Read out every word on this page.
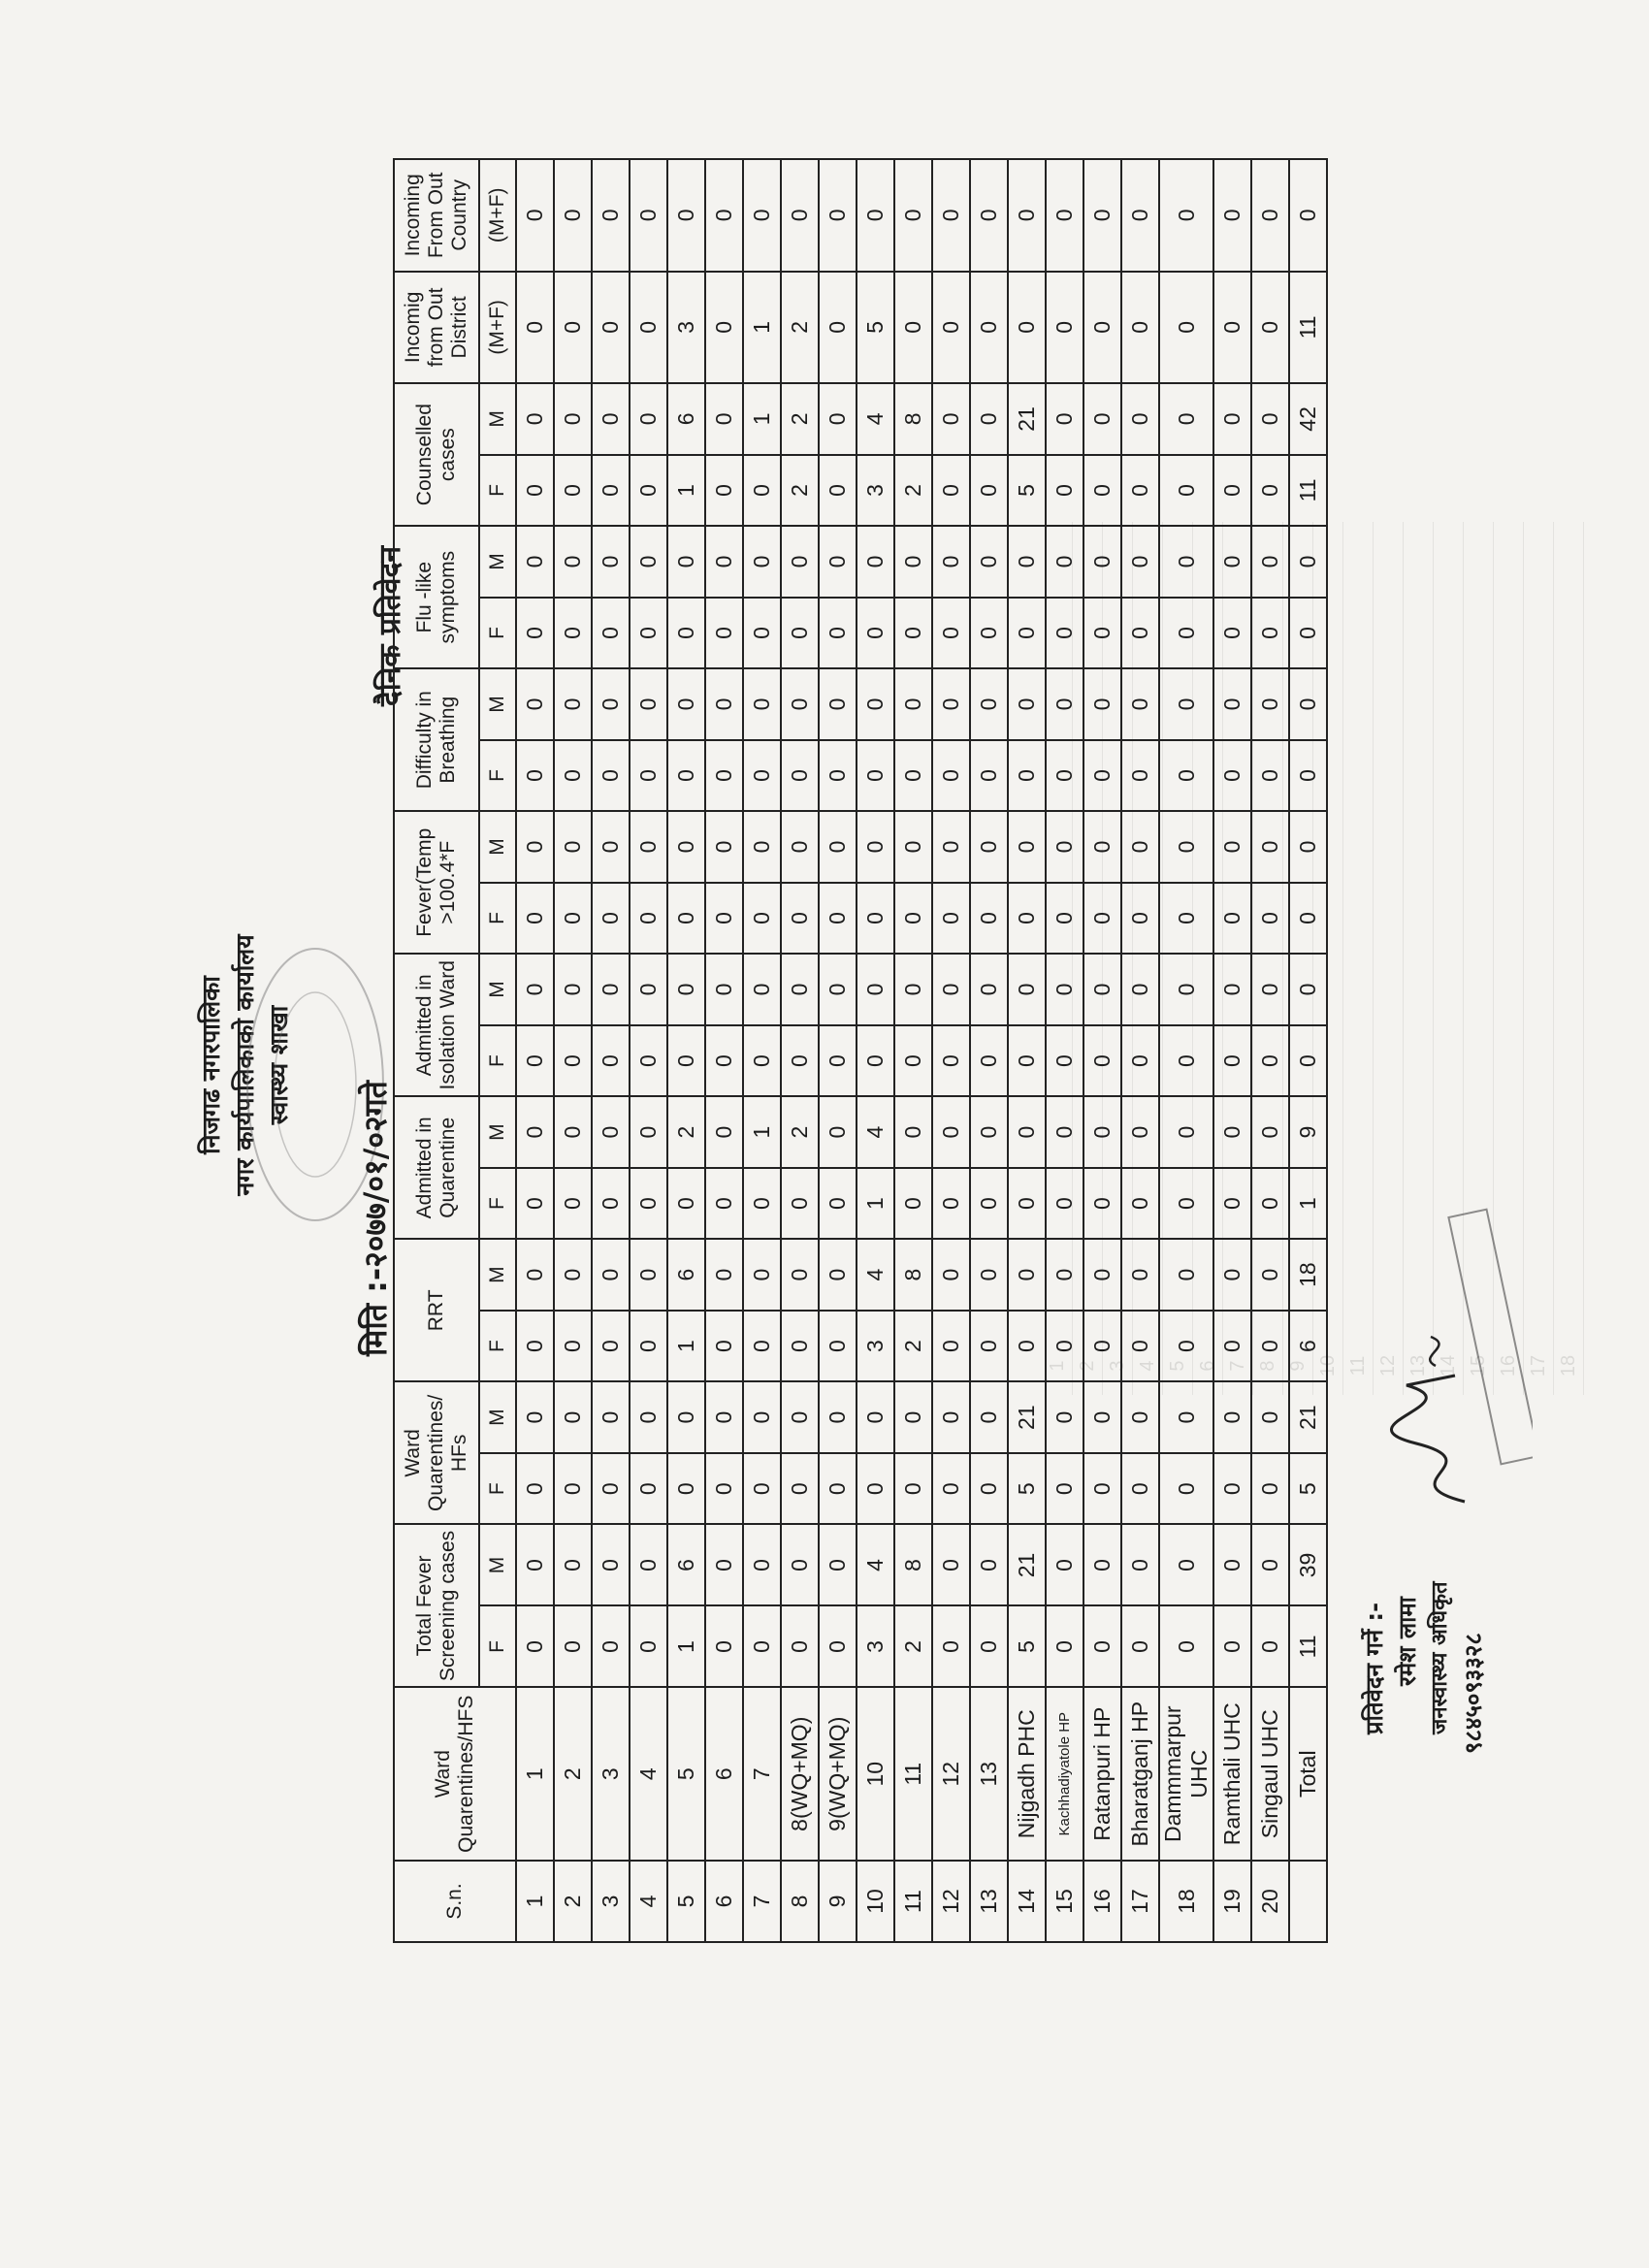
निजगढ नगरपालिका नगर कार्यपालिकाको कार्यालय स्वास्थ्य शाखा
दैनिक प्रतिवेदन
मिति :-२०७७/०१/०२गते
1 2 3 4 5 6 7 8 9 10 11 12 13 14 15 16 17 18
S.n.	Ward Quarentines/HFS	Total Fever Screening cases		Ward Quarentines/ HFs		RRT		Admitted in Quarentine		Admitted in Isolation Ward		Fever(Temp >100.4*F		Difficulty in Breathing		Flu -like symptoms		Counselled cases		Incomig from Out District	Incoming From Out Country
		F	M	F	M	F	M	F	M	F	M	F	M	F	M	F	M	F	M	(M+F)	(M+F)
1	1	0	0	0	0	0	0	0	0	0	0	0	0	0	0	0	0	0	0	0	0
2	2	0	0	0	0	0	0	0	0	0	0	0	0	0	0	0	0	0	0	0	0
3	3	0	0	0	0	0	0	0	0	0	0	0	0	0	0	0	0	0	0	0	0
4	4	0	0	0	0	0	0	0	0	0	0	0	0	0	0	0	0	0	0	0	0
5	5	1	6	0	0	1	6	0	2	0	0	0	0	0	0	0	0	1	6	3	0
6	6	0	0	0	0	0	0	0	0	0	0	0	0	0	0	0	0	0	0	0	0
7	7	0	0	0	0	0	0	0	1	0	0	0	0	0	0	0	0	0	1	1	0
8	8(WQ+MQ)	0	0	0	0	0	0	0	2	0	0	0	0	0	0	0	0	2	2	2	0
9	9(WQ+MQ)	0	0	0	0	0	0	0	0	0	0	0	0	0	0	0	0	0	0	0	0
10	10	3	4	0	0	3	4	1	4	0	0	0	0	0	0	0	0	3	4	5	0
11	11	2	8	0	0	2	8	0	0	0	0	0	0	0	0	0	0	2	8	0	0
12	12	0	0	0	0	0	0	0	0	0	0	0	0	0	0	0	0	0	0	0	0
13	13	0	0	0	0	0	0	0	0	0	0	0	0	0	0	0	0	0	0	0	0
14	Nijgadh PHC	5	21	5	21	0	0	0	0	0	0	0	0	0	0	0	0	5	21	0	0
15	Kachhadiyatole HP	0	0	0	0	0	0	0	0	0	0	0	0	0	0	0	0	0	0	0	0
16	Ratanpuri HP	0	0	0	0	0	0	0	0	0	0	0	0	0	0	0	0	0	0	0	0
17	Bharatganj HP	0	0	0	0	0	0	0	0	0	0	0	0	0	0	0	0	0	0	0	0
18	Dammmarpur UHC	0	0	0	0	0	0	0	0	0	0	0	0	0	0	0	0	0	0	0	0
19	Ramthali UHC	0	0	0	0	0	0	0	0	0	0	0	0	0	0	0	0	0	0	0	0
20	Singaul UHC	0	0	0	0	0	0	0	0	0	0	0	0	0	0	0	0	0	0	0	0
	Total	11	39	5	21	6	18	1	9	0	0	0	0	0	0	0	0	11	42	11	0
प्रतिवेदन गर्ने :- रमेश लामा जनस्वास्थ्य अधिकृत ९८४५०९३३२८
